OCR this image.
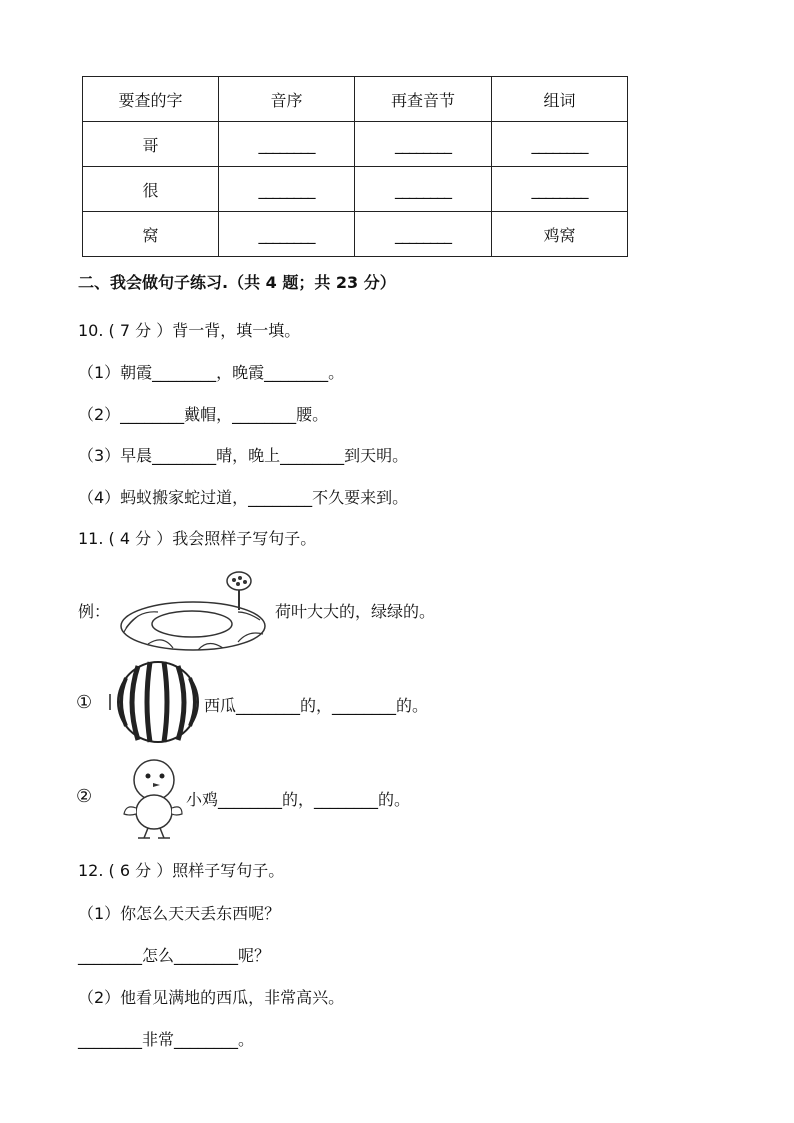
要查的字	音序	再查音节	组词
哥	________	________	________
很	________	________	________
窝	________	________	鸡窝
二、我会做句子练习.（共 4 题；共 23 分）
10. ( 7 分 ）背一背，填一填。
（1）朝霞________，晚霞________。
（2）________戴帽，________腰。
（3）早晨________晴，晚上________到天明。
（4）蚂蚁搬家蛇过道，________不久要来到。
11. ( 4 分 ）我会照样子写句子。
例：	荷叶大大的，绿绿的。
①	西瓜________的，________的。
②	小鸡________的，________的。
12. ( 6 分 ）照样子写句子。
（1）你怎么天天丢东西呢？
________怎么________呢？
（2）他看见满地的西瓜，非常高兴。
________非常________。
